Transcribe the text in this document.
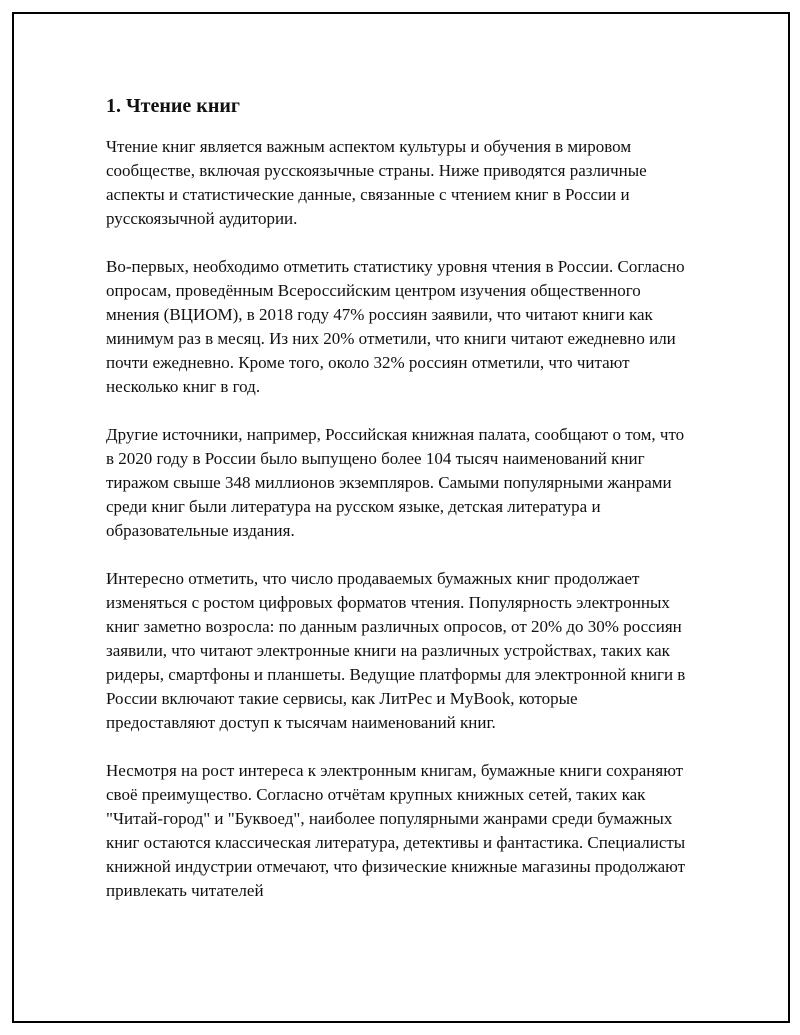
1. Чтение книг

Чтение книг является важным аспектом культуры и обучения в мировом сообществе, включая русскоязычные страны. Ниже приводятся различные аспекты и статистические данные, связанные с чтением книг в России и русскоязычной аудитории.

Во-первых, необходимо отметить статистику уровня чтения в России. Согласно опросам, проведённым Всероссийским центром изучения общественного мнения (ВЦИОМ), в 2018 году 47% россиян заявили, что читают книги как минимум раз в месяц. Из них 20% отметили, что книги читают ежедневно или почти ежедневно. Кроме того, около 32% россиян отметили, что читают несколько книг в год.

Другие источники, например, Российская книжная палата, сообщают о том, что в 2020 году в России было выпущено более 104 тысяч наименований книг тиражом свыше 348 миллионов экземпляров. Самыми популярными жанрами среди книг были литература на русском языке, детская литература и образовательные издания.

Интересно отметить, что число продаваемых бумажных книг продолжает изменяться с ростом цифровых форматов чтения. Популярность электронных книг заметно возросла: по данным различных опросов, от 20% до 30% россиян заявили, что читают электронные книги на различных устройствах, таких как ридеры, смартфоны и планшеты. Ведущие платформы для электронной книги в России включают такие сервисы, как ЛитРес и MyBook, которые предоставляют доступ к тысячам наименований книг.

Несмотря на рост интереса к электронным книгам, бумажные книги сохраняют своё преимущество. Согласно отчётам крупных книжных сетей, таких как "Читай-город" и "Буквоед", наиболее популярными жанрами среди бумажных книг остаются классическая литература, детективы и фантастика. Специалисты книжной индустрии отмечают, что физические книжные магазины продолжают привлекать читателей
